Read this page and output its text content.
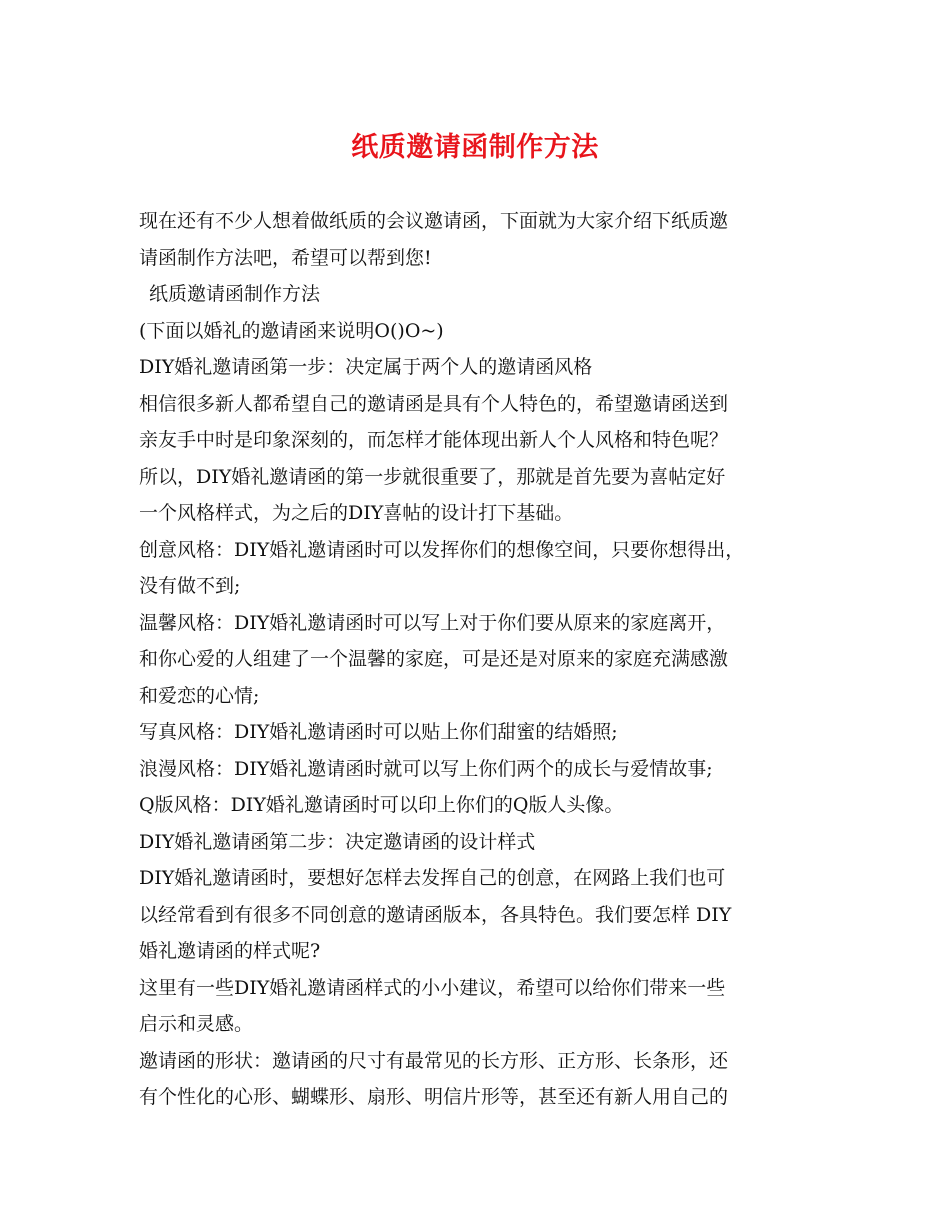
纸质邀请函制作方法
现在还有不少人想着做纸质的会议邀请函，下面就为大家介绍下纸质邀
请函制作方法吧，希望可以帮到您!
纸质邀请函制作方法
(下面以婚礼的邀请函来说明O()O~)
DIY婚礼邀请函第一步：决定属于两个人的邀请函风格
相信很多新人都希望自己的邀请函是具有个人特色的，希望邀请函送到
亲友手中时是印象深刻的，而怎样才能体现出新人个人风格和特色呢？
所以，DIY婚礼邀请函的第一步就很重要了，那就是首先要为喜帖定好
一个风格样式，为之后的DIY喜帖的设计打下基础。
创意风格：DIY婚礼邀请函时可以发挥你们的想像空间，只要你想得出，
没有做不到;
温馨风格：DIY婚礼邀请函时可以写上对于你们要从原来的家庭离开，
和你心爱的人组建了一个温馨的家庭，可是还是对原来的家庭充满感激
和爱恋的心情;
写真风格：DIY婚礼邀请函时可以贴上你们甜蜜的结婚照;
浪漫风格：DIY婚礼邀请函时就可以写上你们两个的成长与爱情故事;
Q版风格：DIY婚礼邀请函时可以印上你们的Q版人头像。
DIY婚礼邀请函第二步：决定邀请函的设计样式
DIY婚礼邀请函时，要想好怎样去发挥自己的创意，在网路上我们也可
以经常看到有很多不同创意的邀请函版本，各具特色。我们要怎样 DIY
婚礼邀请函的样式呢?
这里有一些DIY婚礼邀请函样式的小小建议，希望可以给你们带来一些
启示和灵感。
邀请函的形状：邀请函的尺寸有最常见的长方形、正方形、长条形，还
有个性化的心形、蝴蝶形、扇形、明信片形等，甚至还有新人用自己的
